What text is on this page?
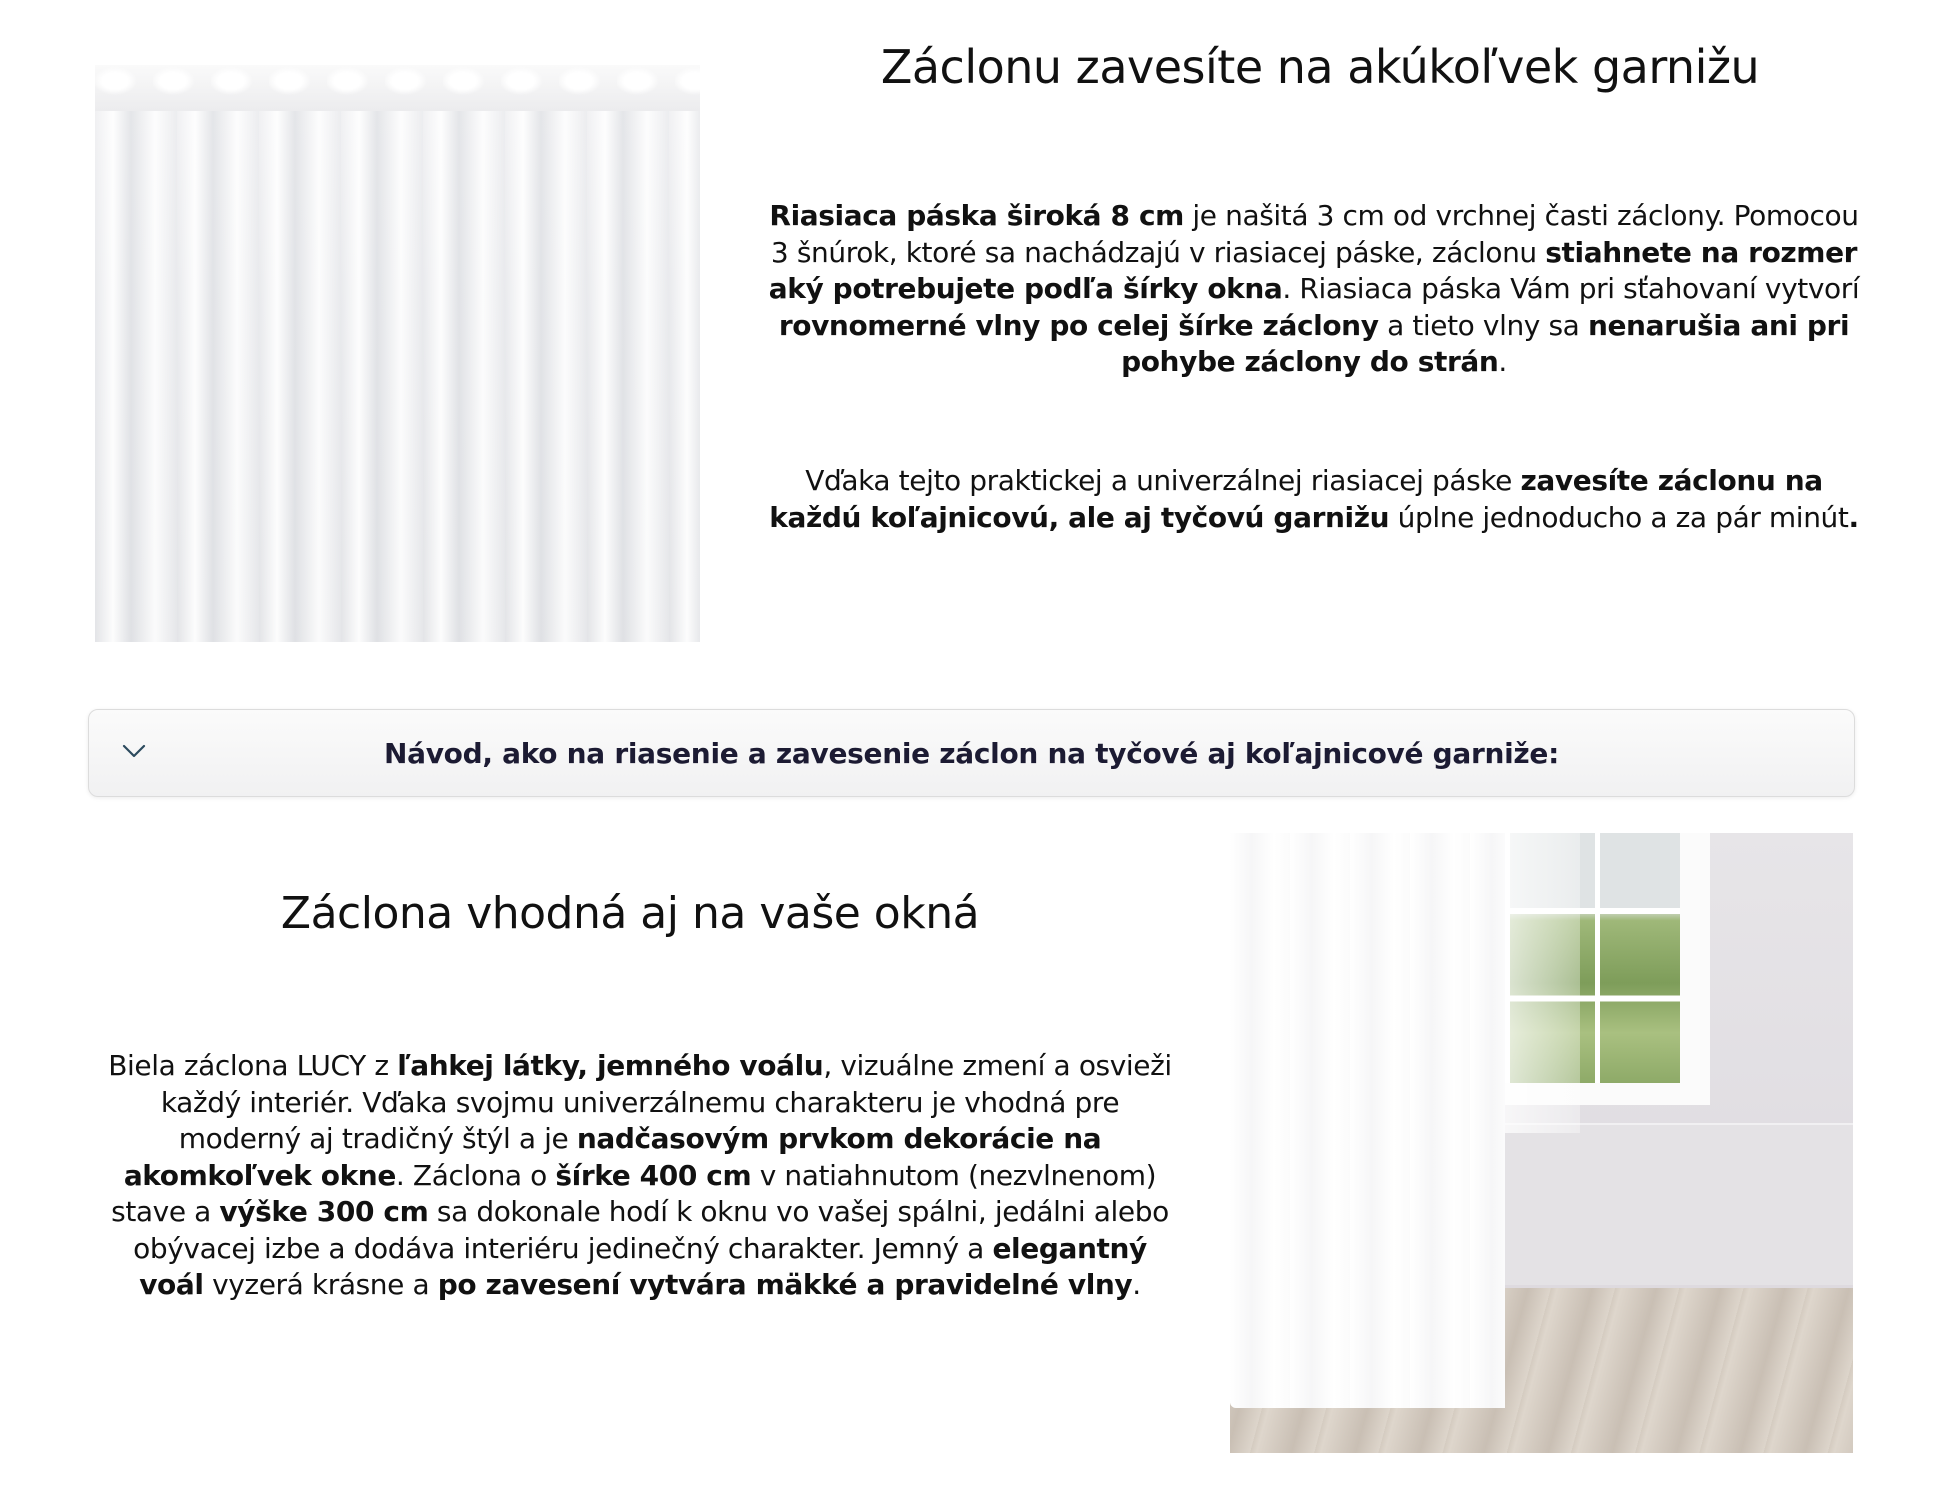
Záclonu zavesíte na akúkoľvek garnižu

Riasiaca páska široká 8 cm je našitá 3 cm od vrchnej časti záclony. Pomocou 3 šnúrok, ktoré sa nachádzajú v riasiacej páske, záclonu stiahnete na rozmer aký potrebujete podľa šírky okna. Riasiaca páska Vám pri sťahovaní vytvorí rovnomerné vlny po celej šírke záclony a tieto vlny sa nenarušia ani pri pohybe záclony do strán.

Vďaka tejto praktickej a univerzálnej riasiacej páske zavesíte záclonu na každú koľajnicovú, ale aj tyčovú garnižu úplne jednoducho a za pár minút.

Návod, ako na riasenie a zavesenie záclon na tyčové aj koľajnicové garniže:
Záclona vhodná aj na vaše okná

Biela záclona LUCY z ľahkej látky, jemného voálu, vizuálne zmení a osvieži každý interiér. Vďaka svojmu univerzálnemu charakteru je vhodná pre moderný aj tradičný štýl a je nadčasovým prvkom dekorácie na akomkoľvek okne. Záclona o šírke 400 cm v natiahnutom (nezvlnenom) stave a výške 300 cm sa dokonale hodí k oknu vo vašej spálni, jedálni alebo obývacej izbe a dodáva interiéru jedinečný charakter. Jemný a elegantný voál vyzerá krásne a po zavesení vytvára mäkké a pravidelné vlny.
